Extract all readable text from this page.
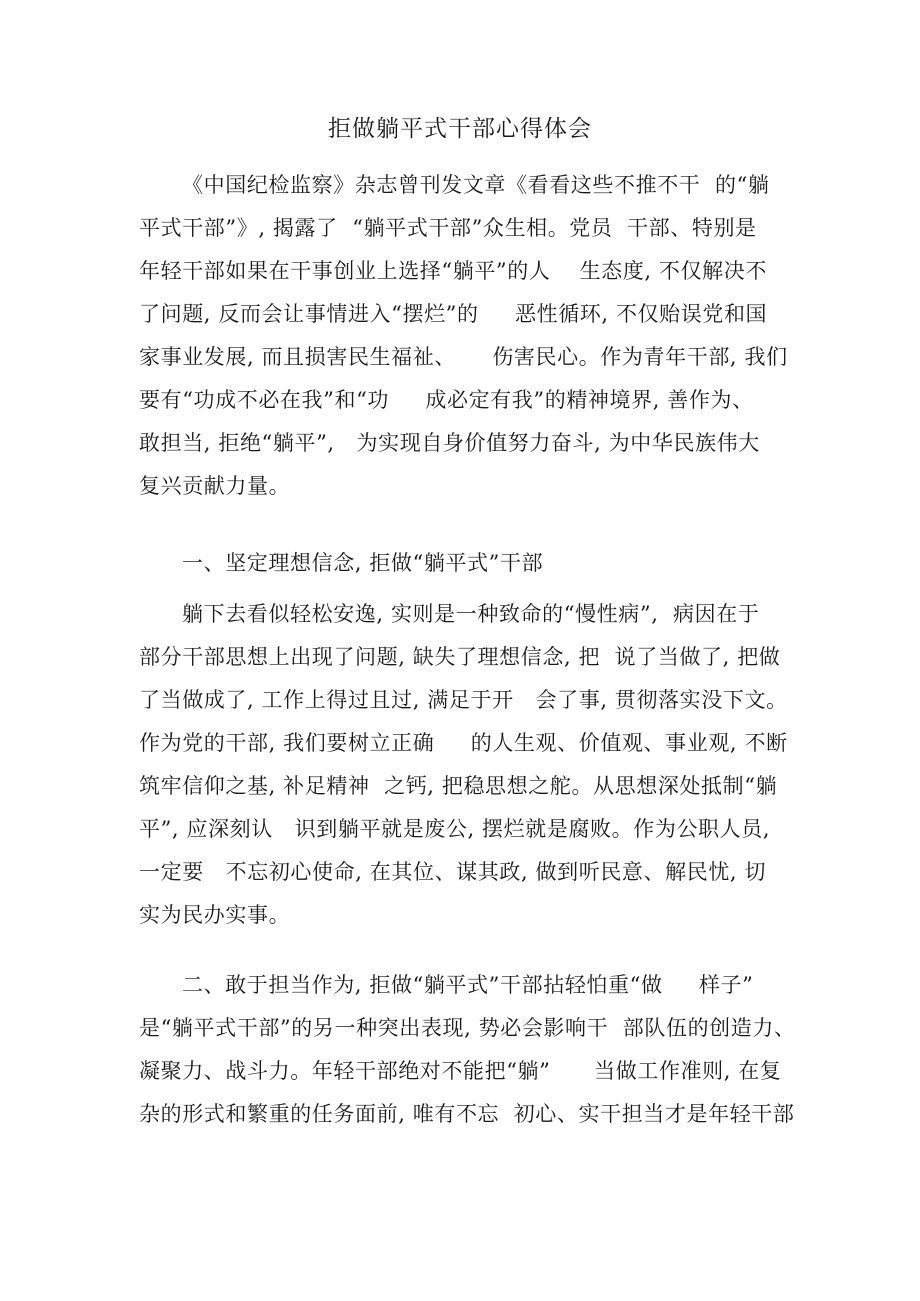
拒做躺平式干部心得体会
《中国纪检监察》杂志曾刊发文章《看看这些不推不干  的“躺
平式干部”》, 揭露了  “躺平式干部”众生相。党员  干部、特别是
年轻干部如果在干事创业上选择“躺平”的人    生态度, 不仅解决不
了问题, 反而会让事情进入“摆烂”的     恶性循环, 不仅贻误党和国
家事业发展, 而且损害民生福祉、     伤害民心。作为青年干部, 我们
要有“功成不必在我”和“功     成必定有我”的精神境界, 善作为、
敢担当, 拒绝“躺平”,   为实现自身价值努力奋斗, 为中华民族伟大
复兴贡献力量。
一、坚定理想信念, 拒做“躺平式”干部
躺下去看似轻松安逸, 实则是一种致命的“慢性病”,  病因在于
部分干部思想上出现了问题, 缺失了理想信念, 把  说了当做了, 把做
了当做成了, 工作上得过且过, 满足于开   会了事, 贯彻落实没下文。
作为党的干部, 我们要树立正确     的人生观、价值观、事业观, 不断
筑牢信仰之基, 补足精神  之钙, 把稳思想之舵。从思想深处抵制“躺
平”, 应深刻认   识到躺平就是废公, 摆烂就是腐败。作为公职人员,
一定要   不忘初心使命, 在其位、谋其政, 做到听民意、解民忧, 切
实为民办实事。
二、敢于担当作为, 拒做“躺平式”干部拈轻怕重“做     样子”
是“躺平式干部”的另一种突出表现, 势必会影响干  部队伍的创造力、
凝聚力、战斗力。年轻干部绝对不能把“躺”      当做工作准则, 在复
杂的形式和繁重的任务面前, 唯有不忘  初心、实干担当才是年轻干部
